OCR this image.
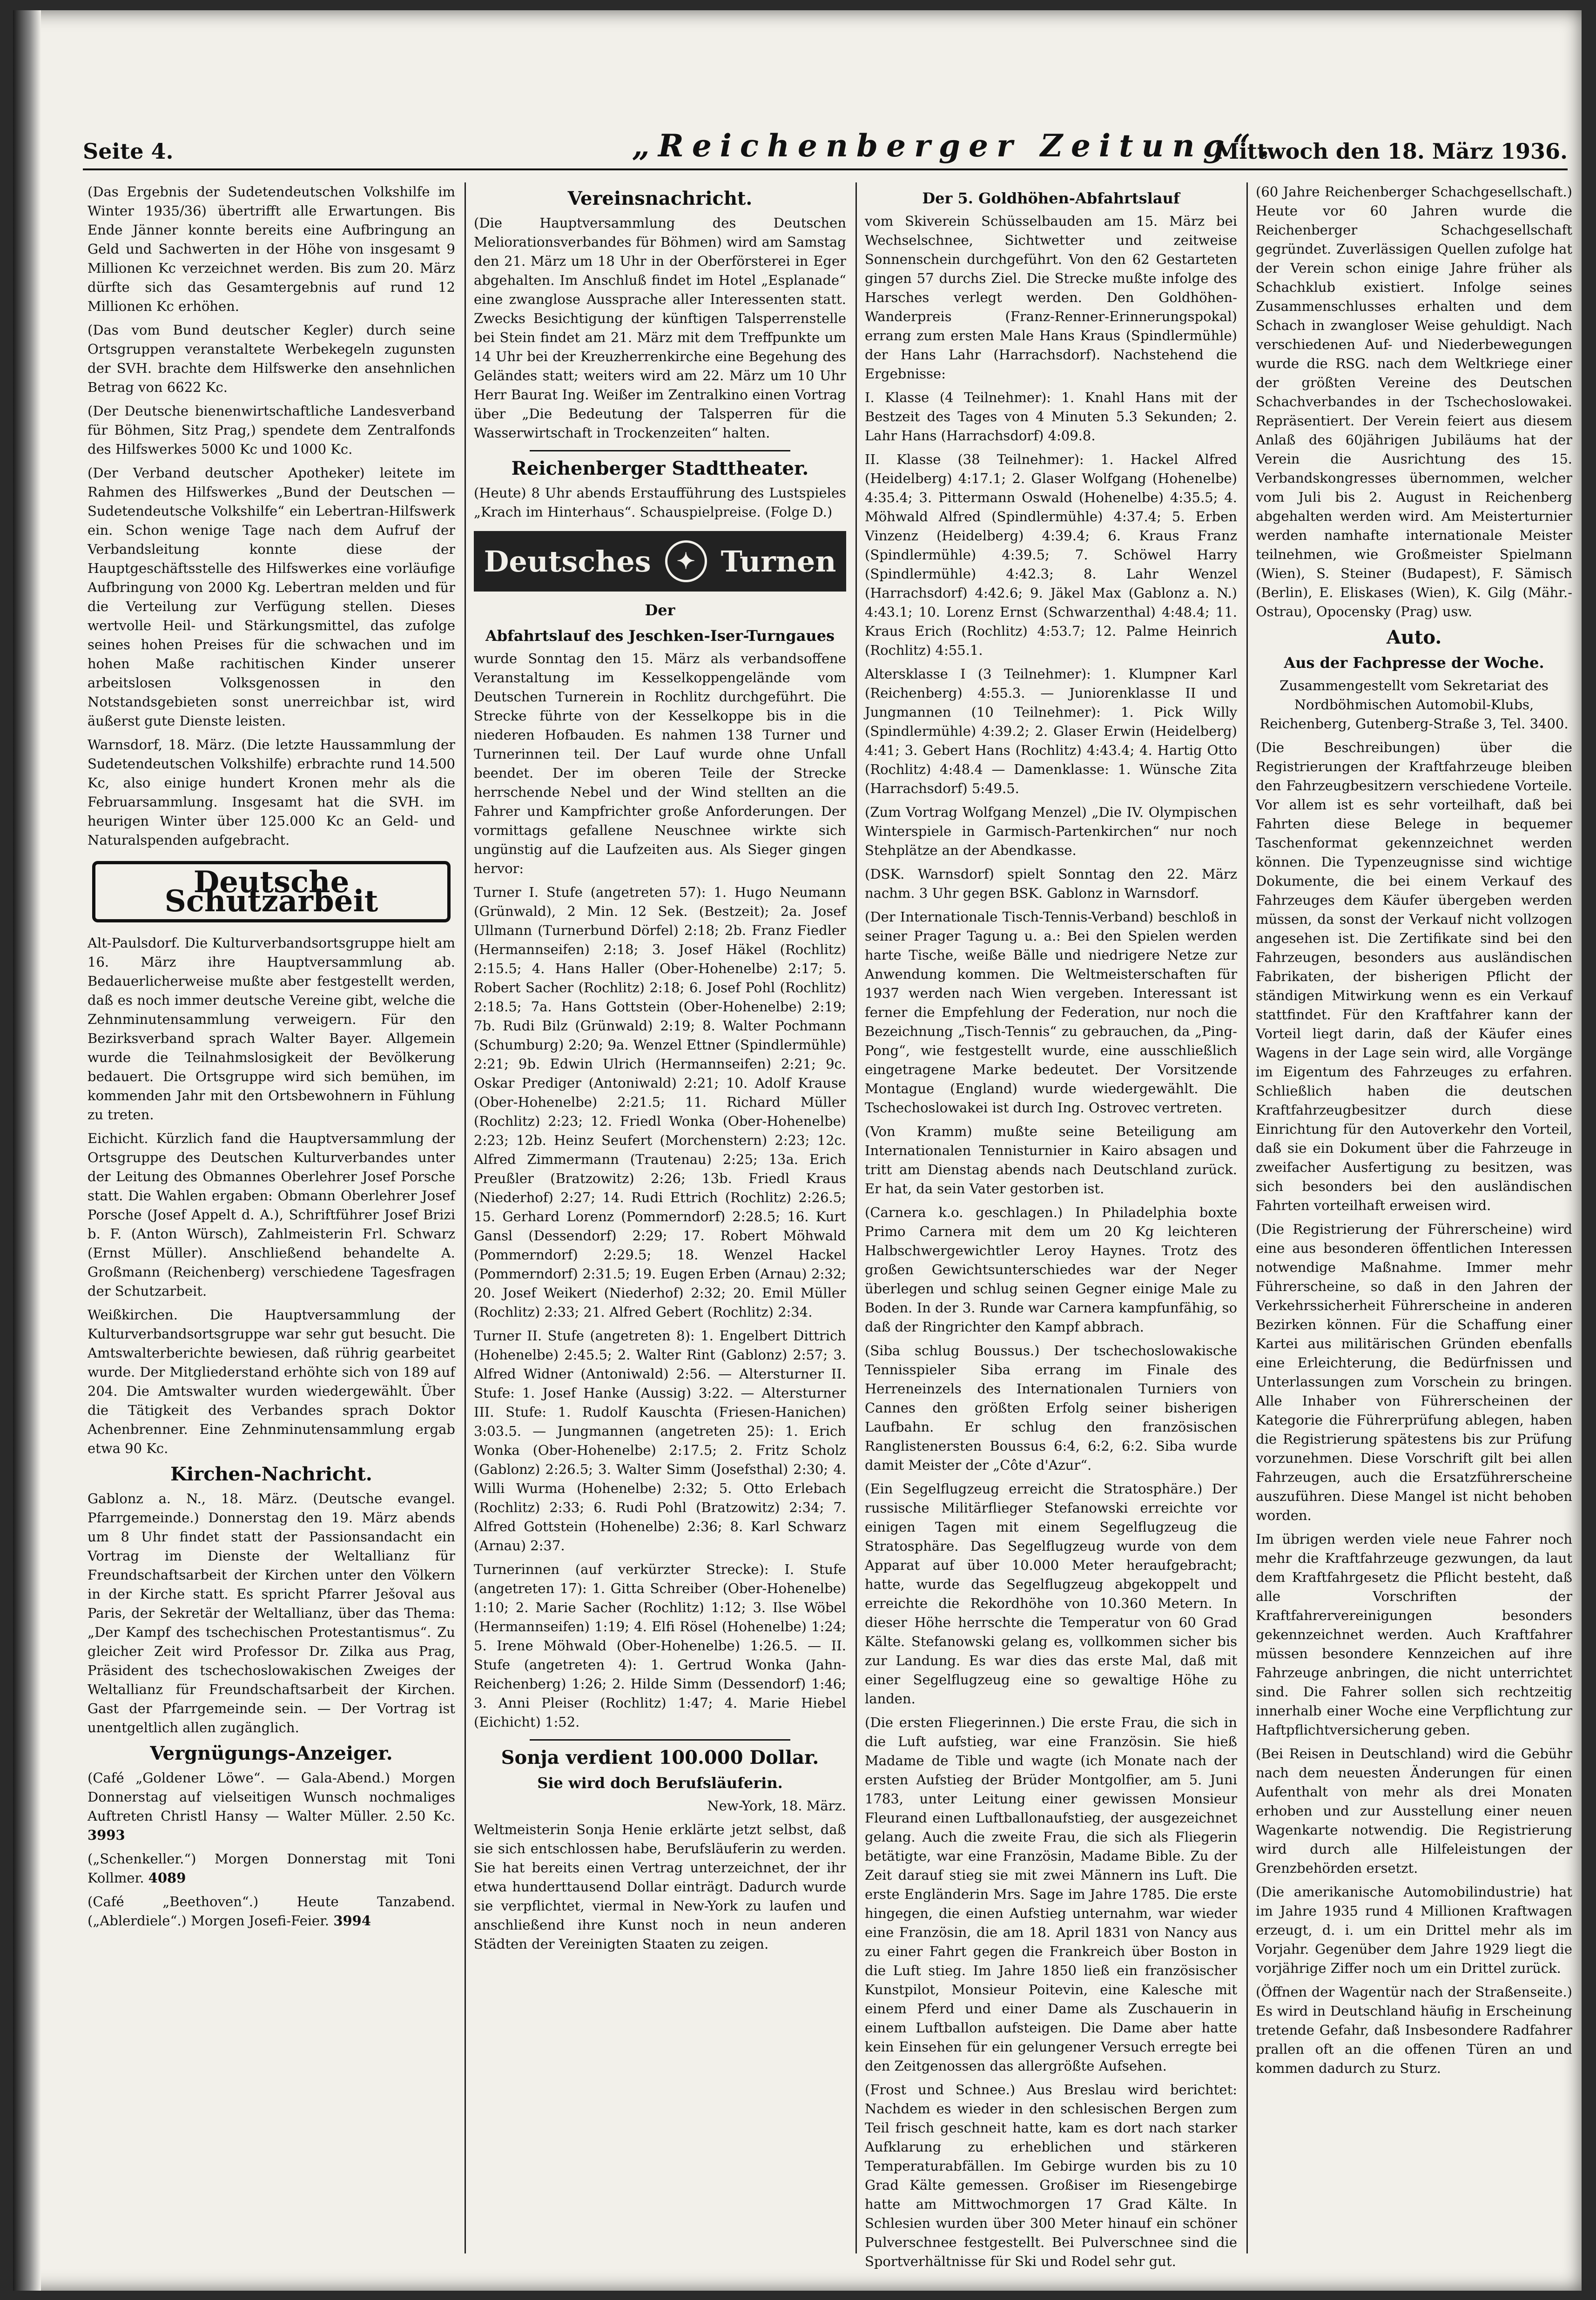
Seite 4.	„Reichenberger Zeitung“.
Mittwoch den 18. März 1936.

(Das Ergebnis der Sudetendeutschen Volkshilfe im Winter 1935/36) übertrifft alle Erwartungen. Bis Ende Jänner konnte bereits eine Aufbringung an Geld und Sachwerten in der Höhe von insgesamt 9 Millionen Kc verzeichnet werden. Bis zum 20. März dürfte sich das Gesamtergebnis auf rund 12 Millionen Kc erhöhen.

(Das vom Bund deutscher Kegler) durch seine Ortsgruppen veranstaltete Werbekegeln zugunsten der SVH. brachte dem Hilfswerke den ansehnlichen Betrag von 6622 Kc.

(Der Deutsche bienenwirtschaftliche Landesverband für Böhmen, Sitz Prag,) spendete dem Zentralfonds des Hilfswerkes 5000 Kc und 1000 Kc.

(Der Verband deutscher Apotheker) leitete im Rahmen des Hilfswerkes „Bund der Deutschen — Sudetendeutsche Volkshilfe“ ein Lebertran-Hilfswerk ein. Schon wenige Tage nach dem Aufruf der Verbandsleitung konnte diese der Hauptgeschäftsstelle des Hilfswerkes eine vorläufige Aufbringung von 2000 Kg. Lebertran melden und für die Verteilung zur Verfügung stellen. Dieses wertvolle Heil- und Stärkungsmittel, das zufolge seines hohen Preises für die schwachen und im hohen Maße rachitischen Kinder unserer arbeitslosen Volksgenossen in den Notstandsgebieten sonst unerreichbar ist, wird äußerst gute Dienste leisten.

Warnsdorf, 18. März. (Die letzte Haussammlung der Sudetendeutschen Volkshilfe) erbrachte rund 14.500 Kc, also einige hundert Kronen mehr als die Februarsammlung. Insgesamt hat die SVH. im heurigen Winter über 125.000 Kc an Geld- und Naturalspenden aufgebracht.

Deutsche Schutzarbeit

Alt-Paulsdorf. Die Kulturverbandsortsgruppe hielt am 16. März ihre Hauptversammlung ab. Bedauerlicherweise mußte aber festgestellt werden, daß es noch immer deutsche Vereine gibt, welche die Zehnminutensammlung verweigern. Für den Bezirksverband sprach Walter Bayer. Allgemein wurde die Teilnahmslosigkeit der Bevölkerung bedauert. Die Ortsgruppe wird sich bemühen, im kommenden Jahr mit den Ortsbewohnern in Fühlung zu treten.

Eichicht. Kürzlich fand die Hauptversammlung der Ortsgruppe des Deutschen Kulturverbandes unter der Leitung des Obmannes Oberlehrer Josef Porsche statt. Die Wahlen ergaben: Obmann Oberlehrer Josef Porsche (Josef Appelt d. A.), Schriftführer Josef Brizi b. F. (Anton Würsch), Zahlmeisterin Frl. Schwarz (Ernst Müller). Anschließend behandelte A. Großmann (Reichenberg) verschiedene Tagesfragen der Schutzarbeit.

Weißkirchen. Die Hauptversammlung der Kulturverbandsortsgruppe war sehr gut besucht. Die Amtswalterberichte bewiesen, daß rührig gearbeitet wurde. Der Mitgliederstand erhöhte sich von 189 auf 204. Die Amtswalter wurden wiedergewählt. Über die Tätigkeit des Verbandes sprach Doktor Achenbrenner. Eine Zehnminutensammlung ergab etwa 90 Kc.

Kirchen-Nachricht.

Gablonz a. N., 18. März. (Deutsche evangel. Pfarrgemeinde.) Donnerstag den 19. März abends um 8 Uhr findet statt der Passionsandacht ein Vortrag im Dienste der Weltallianz für Freundschaftsarbeit der Kirchen unter den Völkern in der Kirche statt. Es spricht Pfarrer Ješoval aus Paris, der Sekretär der Weltallianz, über das Thema: „Der Kampf des tschechischen Protestantismus“. Zu gleicher Zeit wird Professor Dr. Zilka aus Prag, Präsident des tschechoslowakischen Zweiges der Weltallianz für Freundschaftsarbeit der Kirchen. Gast der Pfarrgemeinde sein. — Der Vortrag ist unentgeltlich allen zugänglich.

Vergnügungs-Anzeiger.

(Café „Goldener Löwe“. — Gala-Abend.) Morgen Donnerstag auf vielseitigen Wunsch nochmaliges Auftreten Christl Hansy — Walter Müller. 2.50 Kc. 3993

(„Schenkeller.“) Morgen Donnerstag mit Toni Kollmer. 4089

(Café „Beethoven“.) Heute Tanzabend. („Ablerdiele“.) Morgen Josefi-Feier. 3994

Vereinsnachricht.

(Die Hauptversammlung des Deutschen Meliorationsverbandes für Böhmen) wird am Samstag den 21. März um 18 Uhr in der Oberförsterei in Eger abgehalten. Im Anschluß findet im Hotel „Esplanade“ eine zwanglose Aussprache aller Interessenten statt. Zwecks Besichtigung der künftigen Talsperrenstelle bei Stein findet am 21. März mit dem Treffpunkte um 14 Uhr bei der Kreuzherrenkirche eine Begehung des Geländes statt; weiters wird am 22. März um 10 Uhr Herr Baurat Ing. Weißer im Zentralkino einen Vortrag über „Die Bedeutung der Talsperren für die Wasserwirtschaft in Trockenzeiten“ halten.

Reichenberger Stadttheater.

(Heute) 8 Uhr abends Erstaufführung des Lustspieles „Krach im Hinterhaus“. Schauspielpreise. (Folge D.)

Deutsches	✦ Turnen
Der
Abfahrtslauf des Jeschken-Iser-Turngaues

wurde Sonntag den 15. März als verbandsoffene Veranstaltung im Kesselkoppengelände vom Deutschen Turnerein in Rochlitz durchgeführt. Die Strecke führte von der Kesselkoppe bis in die niederen Hofbauden. Es nahmen 138 Turner und Turnerinnen teil. Der Lauf wurde ohne Unfall beendet. Der im oberen Teile der Strecke herrschende Nebel und der Wind stellten an die Fahrer und Kampfrichter große Anforderungen. Der vormittags gefallene Neuschnee wirkte sich ungünstig auf die Laufzeiten aus. Als Sieger gingen hervor:

Turner I. Stufe (angetreten 57): 1. Hugo Neumann (Grünwald), 2 Min. 12 Sek. (Bestzeit); 2a. Josef Ullmann (Turnerbund Dörfel) 2:18; 2b. Franz Fiedler (Hermannseifen) 2:18; 3. Josef Häkel (Rochlitz) 2:15.5; 4. Hans Haller (Ober-Hohenelbe) 2:17; 5. Robert Sacher (Rochlitz) 2:18; 6. Josef Pohl (Rochlitz) 2:18.5; 7a. Hans Gottstein (Ober-Hohenelbe) 2:19; 7b. Rudi Bilz (Grünwald) 2:19; 8. Walter Pochmann (Schumburg) 2:20; 9a. Wenzel Ettner (Spindlermühle) 2:21; 9b. Edwin Ulrich (Hermannseifen) 2:21; 9c. Oskar Prediger (Antoniwald) 2:21; 10. Adolf Krause (Ober-Hohenelbe) 2:21.5; 11. Richard Müller (Rochlitz) 2:23; 12. Friedl Wonka (Ober-Hohenelbe) 2:23; 12b. Heinz Seufert (Morchenstern) 2:23; 12c. Alfred Zimmermann (Trautenau) 2:25; 13a. Erich Preußler (Bratzowitz) 2:26; 13b. Friedl Kraus (Niederhof) 2:27; 14. Rudi Ettrich (Rochlitz) 2:26.5; 15. Gerhard Lorenz (Pommerndorf) 2:28.5; 16. Kurt Gansl (Dessendorf) 2:29; 17. Robert Möhwald (Pommerndorf) 2:29.5; 18. Wenzel Hackel (Pommerndorf) 2:31.5; 19. Eugen Erben (Arnau) 2:32; 20. Josef Weikert (Niederhof) 2:32; 20. Emil Müller (Rochlitz) 2:33; 21. Alfred Gebert (Rochlitz) 2:34.

Turner II. Stufe (angetreten 8): 1. Engelbert Dittrich (Hohenelbe) 2:45.5; 2. Walter Rint (Gablonz) 2:57; 3. Alfred Widner (Antoniwald) 2:56. — Altersturner II. Stufe: 1. Josef Hanke (Aussig) 3:22. — Altersturner III. Stufe: 1. Rudolf Kauschta (Friesen-Hanichen) 3:03.5. — Jungmannen (angetreten 25): 1. Erich Wonka (Ober-Hohenelbe) 2:17.5; 2. Fritz Scholz (Gablonz) 2:26.5; 3. Walter Simm (Josefsthal) 2:30; 4. Willi Wurma (Hohenelbe) 2:32; 5. Otto Erlebach (Rochlitz) 2:33; 6. Rudi Pohl (Bratzowitz) 2:34; 7. Alfred Gottstein (Hohenelbe) 2:36; 8. Karl Schwarz (Arnau) 2:37.

Turnerinnen (auf verkürzter Strecke): I. Stufe (angetreten 17): 1. Gitta Schreiber (Ober-Hohenelbe) 1:10; 2. Marie Sacher (Rochlitz) 1:12; 3. Ilse Wöbel (Hermannseifen) 1:19; 4. Elfi Rösel (Hohenelbe) 1:24; 5. Irene Möhwald (Ober-Hohenelbe) 1:26.5. — II. Stufe (angetreten 4): 1. Gertrud Wonka (Jahn-Reichenberg) 1:26; 2. Hilde Simm (Dessendorf) 1:46; 3. Anni Pleiser (Rochlitz) 1:47; 4. Marie Hiebel (Eichicht) 1:52.

Sonja verdient 100.000 Dollar.
Sie wird doch Berufsläuferin.

New-York, 18. März.

Weltmeisterin Sonja Henie erklärte jetzt selbst, daß sie sich entschlossen habe, Berufsläuferin zu werden. Sie hat bereits einen Vertrag unterzeichnet, der ihr etwa hunderttausend Dollar einträgt. Dadurch wurde sie verpflichtet, viermal in New-York zu laufen und anschließend ihre Kunst noch in neun anderen Städten der Vereinigten Staaten zu zeigen.

Der 5. Goldhöhen-Abfahrtslauf

vom Skiverein Schüsselbauden am 15. März bei Wechselschnee, Sichtwetter und zeitweise Sonnenschein durchgeführt. Von den 62 Gestarteten gingen 57 durchs Ziel. Die Strecke mußte infolge des Harsches verlegt werden. Den Goldhöhen-Wanderpreis (Franz-Renner-Erinnerungspokal) errang zum ersten Male Hans Kraus (Spindlermühle) der Hans Lahr (Harrachsdorf). Nachstehend die Ergebnisse:

I. Klasse (4 Teilnehmer): 1. Knahl Hans mit der Bestzeit des Tages von 4 Minuten 5.3 Sekunden; 2. Lahr Hans (Harrachsdorf) 4:09.8.

II. Klasse (38 Teilnehmer): 1. Hackel Alfred (Heidelberg) 4:17.1; 2. Glaser Wolfgang (Hohenelbe) 4:35.4; 3. Pittermann Oswald (Hohenelbe) 4:35.5; 4. Möhwald Alfred (Spindlermühle) 4:37.4; 5. Erben Vinzenz (Heidelberg) 4:39.4; 6. Kraus Franz (Spindlermühle) 4:39.5; 7. Schöwel Harry (Spindlermühle) 4:42.3; 8. Lahr Wenzel (Harrachsdorf) 4:42.6; 9. Jäkel Max (Gablonz a. N.) 4:43.1; 10. Lorenz Ernst (Schwarzenthal) 4:48.4; 11. Kraus Erich (Rochlitz) 4:53.7; 12. Palme Heinrich (Rochlitz) 4:55.1.

Altersklasse I (3 Teilnehmer): 1. Klumpner Karl (Reichenberg) 4:55.3. — Juniorenklasse II und Jungmannen (10 Teilnehmer): 1. Pick Willy (Spindlermühle) 4:39.2; 2. Glaser Erwin (Heidelberg) 4:41; 3. Gebert Hans (Rochlitz) 4:43.4; 4. Hartig Otto (Rochlitz) 4:48.4 — Damenklasse: 1. Wünsche Zita (Harrachsdorf) 5:49.5.

(Zum Vortrag Wolfgang Menzel) „Die IV. Olympischen Winterspiele in Garmisch-Partenkirchen“ nur noch Stehplätze an der Abendkasse.

(DSK. Warnsdorf) spielt Sonntag den 22. März nachm. 3 Uhr gegen BSK. Gablonz in Warnsdorf.

(Der Internationale Tisch-Tennis-Verband) beschloß in seiner Prager Tagung u. a.: Bei den Spielen werden harte Tische, weiße Bälle und niedrigere Netze zur Anwendung kommen. Die Weltmeisterschaften für 1937 werden nach Wien vergeben. Interessant ist ferner die Empfehlung der Federation, nur noch die Bezeichnung „Tisch-Tennis“ zu gebrauchen, da „Ping-Pong“, wie festgestellt wurde, eine ausschließlich eingetragene Marke bedeutet. Der Vorsitzende Montague (England) wurde wiedergewählt. Die Tschechoslowakei ist durch Ing. Ostrovec vertreten.

(Von Kramm) mußte seine Beteiligung am Internationalen Tennisturnier in Kairo absagen und tritt am Dienstag abends nach Deutschland zurück. Er hat, da sein Vater gestorben ist.

(Carnera k.o. geschlagen.) In Philadelphia boxte Primo Carnera mit dem um 20 Kg leichteren Halbschwergewichtler Leroy Haynes. Trotz des großen Gewichtsunterschiedes war der Neger überlegen und schlug seinen Gegner einige Male zu Boden. In der 3. Runde war Carnera kampfunfähig, so daß der Ringrichter den Kampf abbrach.

(Siba schlug Boussus.) Der tschechoslowakische Tennisspieler Siba errang im Finale des Herreneinzels des Internationalen Turniers von Cannes den größten Erfolg seiner bisherigen Laufbahn. Er schlug den französischen Ranglistenersten Boussus 6:4, 6:2, 6:2. Siba wurde damit Meister der „Côte d'Azur“.

(Ein Segelflugzeug erreicht die Stratosphäre.) Der russische Militärflieger Stefanowski erreichte vor einigen Tagen mit einem Segelflugzeug die Stratosphäre. Das Segelflugzeug wurde von dem Apparat auf über 10.000 Meter heraufgebracht; hatte, wurde das Segelflugzeug abgekoppelt und erreichte die Rekordhöhe von 10.360 Metern. In dieser Höhe herrschte die Temperatur von 60 Grad Kälte. Stefanowski gelang es, vollkommen sicher bis zur Landung. Es war dies das erste Mal, daß mit einer Segelflugzeug eine so gewaltige Höhe zu landen.

(Die ersten Fliegerinnen.) Die erste Frau, die sich in die Luft aufstieg, war eine Französin. Sie hieß Madame de Tible und wagte (ich Monate nach der ersten Aufstieg der Brüder Montgolfier, am 5. Juni 1783, unter Leitung einer gewissen Monsieur Fleurand einen Luftballonaufstieg, der ausgezeichnet gelang. Auch die zweite Frau, die sich als Fliegerin betätigte, war eine Französin, Madame Bible. Zu der Zeit darauf stieg sie mit zwei Männern ins Luft. Die erste Engländerin Mrs. Sage im Jahre 1785. Die erste hingegen, die einen Aufstieg unternahm, war wieder eine Französin, die am 18. April 1831 von Nancy aus zu einer Fahrt gegen die Frankreich über Boston in die Luft stieg. Im Jahre 1850 ließ ein französischer Kunstpilot, Monsieur Poitevin, eine Kalesche mit einem Pferd und einer Dame als Zuschauerin in einem Luftballon aufsteigen. Die Dame aber hatte kein Einsehen für ein gelungener Versuch erregte bei den Zeitgenossen das allergrößte Aufsehen.

(Frost und Schnee.) Aus Breslau wird berichtet: Nachdem es wieder in den schlesischen Bergen zum Teil frisch geschneit hatte, kam es dort nach starker Aufklarung zu erheblichen und stärkeren Temperaturabfällen. Im Gebirge wurden bis zu 10 Grad Kälte gemessen. Großiser im Riesengebirge hatte am Mittwochmorgen 17 Grad Kälte. In Schlesien wurden über 300 Meter hinauf ein schöner Pulverschnee festgestellt. Bei Pulverschnee sind die Sportverhältnisse für Ski und Rodel sehr gut.

(60 Jahre Reichenberger Schachgesellschaft.) Heute vor 60 Jahren wurde die Reichenberger Schachgesellschaft gegründet. Zuverlässigen Quellen zufolge hat der Verein schon einige Jahre früher als Schachklub existiert. Infolge seines Zusammenschlusses erhalten und dem Schach in zwangloser Weise gehuldigt. Nach verschiedenen Auf- und Niederbewegungen wurde die RSG. nach dem Weltkriege einer der größten Vereine des Deutschen Schachverbandes in der Tschechoslowakei. Repräsentiert. Der Verein feiert aus diesem Anlaß des 60jährigen Jubiläums hat der Verein die Ausrichtung des 15. Verbandskongresses übernommen, welcher vom Juli bis 2. August in Reichenberg abgehalten werden wird. Am Meisterturnier werden namhafte internationale Meister teilnehmen, wie Großmeister Spielmann (Wien), S. Steiner (Budapest), F. Sämisch (Berlin), E. Eliskases (Wien), K. Gilg (Mähr.-Ostrau), Opocensky (Prag) usw.

Auto.
Aus der Fachpresse der Woche.

Zusammengestellt vom Sekretariat des Nordböhmischen Automobil-Klubs, Reichenberg, Gutenberg-Straße 3, Tel. 3400.

(Die Beschreibungen) über die Registrierungen der Kraftfahrzeuge bleiben den Fahrzeugbesitzern verschiedene Vorteile. Vor allem ist es sehr vorteilhaft, daß bei Fahrten diese Belege in bequemer Taschenformat gekennzeichnet werden können. Die Typenzeugnisse sind wichtige Dokumente, die bei einem Verkauf des Fahrzeuges dem Käufer übergeben werden müssen, da sonst der Verkauf nicht vollzogen angesehen ist. Die Zertifikate sind bei den Fahrzeugen, besonders aus ausländischen Fabrikaten, der bisherigen Pflicht der ständigen Mitwirkung wenn es ein Verkauf stattfindet. Für den Kraftfahrer kann der Vorteil liegt darin, daß der Käufer eines Wagens in der Lage sein wird, alle Vorgänge im Eigentum des Fahrzeuges zu erfahren. Schließlich haben die deutschen Kraftfahrzeugbesitzer durch diese Einrichtung für den Autoverkehr den Vorteil, daß sie ein Dokument über die Fahrzeuge in zweifacher Ausfertigung zu besitzen, was sich besonders bei den ausländischen Fahrten vorteilhaft erweisen wird.

(Die Registrierung der Führerscheine) wird eine aus besonderen öffentlichen Interessen notwendige Maßnahme. Immer mehr Führerscheine, so daß in den Jahren der Verkehrssicherheit Führerscheine in anderen Bezirken können. Für die Schaffung einer Kartei aus militärischen Gründen ebenfalls eine Erleichterung, die Bedürfnissen und Unterlassungen zum Vorschein zu bringen. Alle Inhaber von Führerscheinen der Kategorie die Führerprüfung ablegen, haben die Registrierung spätestens bis zur Prüfung vorzunehmen. Diese Vorschrift gilt bei allen Fahrzeugen, auch die Ersatzführerscheine auszuführen. Diese Mangel ist nicht behoben worden.

Im übrigen werden viele neue Fahrer noch mehr die Kraftfahrzeuge gezwungen, da laut dem Kraftfahrgesetz die Pflicht besteht, daß alle Vorschriften der Kraftfahrervereinigungen besonders gekennzeichnet werden. Auch Kraftfahrer müssen besondere Kennzeichen auf ihre Fahrzeuge anbringen, die nicht unterrichtet sind. Die Fahrer sollen sich rechtzeitig innerhalb einer Woche eine Verpflichtung zur Haftpflichtversicherung geben.

(Bei Reisen in Deutschland) wird die Gebühr nach dem neuesten Änderungen für einen Aufenthalt von mehr als drei Monaten erhoben und zur Ausstellung einer neuen Wagenkarte notwendig. Die Registrierung wird durch alle Hilfeleistungen der Grenzbehörden ersetzt.

(Die amerikanische Automobilindustrie) hat im Jahre 1935 rund 4 Millionen Kraftwagen erzeugt, d. i. um ein Drittel mehr als im Vorjahr. Gegenüber dem Jahre 1929 liegt die vorjährige Ziffer noch um ein Drittel zurück.

(Öffnen der Wagentür nach der Straßenseite.) Es wird in Deutschland häufig in Erscheinung tretende Gefahr, daß Insbesondere Radfahrer prallen oft an die offenen Türen an und kommen dadurch zu Sturz.
